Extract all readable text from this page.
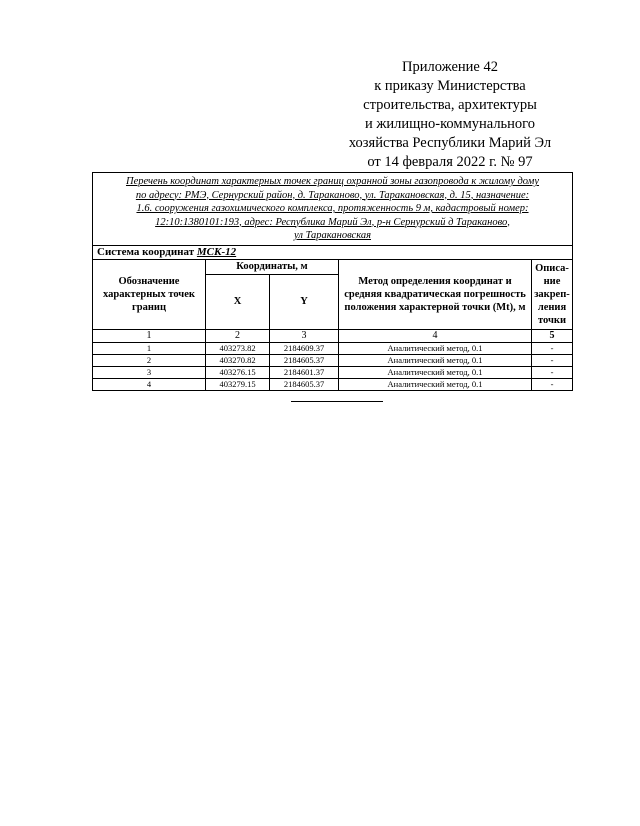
Приложение 42
к приказу Министерства
строительства, архитектуры
и жилищно-коммунального
хозяйства Республики Марий Эл
от 14 февраля 2022 г. № 97
Перечень координат характерных точек границ охранной зоны газопровода к жилому дому
по адресу: РМЭ, Сернурский район, д. Тараканово, ул. Таракановская, д. 15, назначение:
1.6. сооружения газохимического комплекса, протяженность 9 м, кадастровый номер:
12:10:1380101:193, адрес: Республика Марий Эл, р-н Сернурский д Тараканово,
ул Таракановская				

Система координат МСК-12				
Обозначение характерных точек границ	Координаты, м		Метод определения координат и средняя квадратическая погрешность положения характерной точки (Mt), м	Описа-ние закреп-ления точки
	X	Y		
1	2	3	4	5
1	403273.82	2184609.37	Аналитический метод, 0.1	-
2	403270.82	2184605.37	Аналитический метод, 0.1	-
3	403276.15	2184601.37	Аналитический метод, 0.1	-
4	403279.15	2184605.37	Аналитический метод, 0.1	-
